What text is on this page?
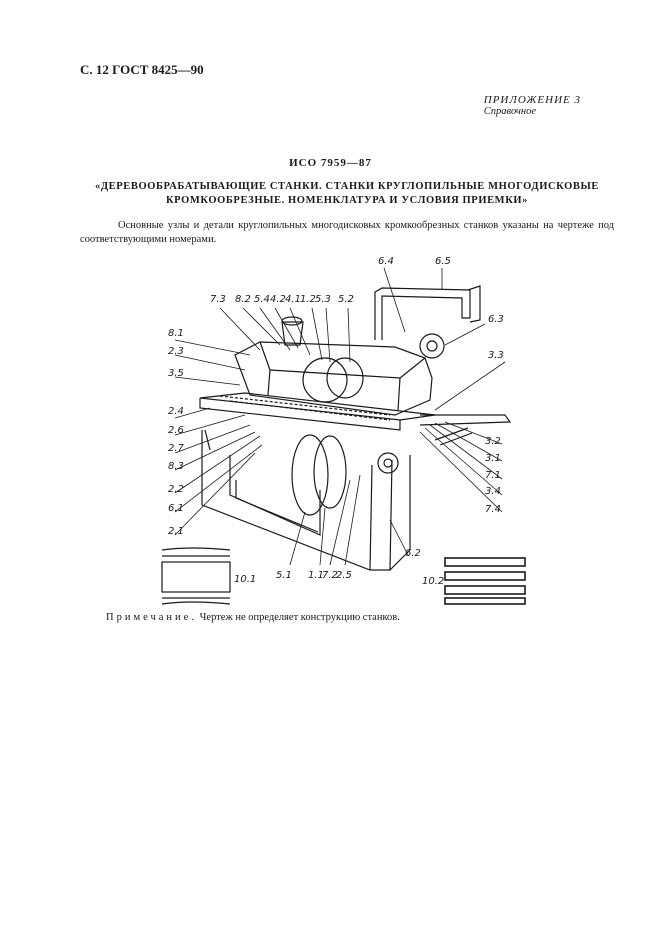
С. 12 ГОСТ 8425—90
ПРИЛОЖЕНИЕ 3
Справочное
ИСО 7959—87
«ДЕРЕВООБРАБАТЫВАЮЩИЕ СТАНКИ. СТАНКИ КРУГЛОПИЛЬНЫЕ МНОГОДИСКОВЫЕ
КРОМКООБРЕЗНЫЕ. НОМЕНКЛАТУРА И УСЛОВИЯ ПРИЕМКИ»
Основные узлы и детали круглопильных многодисковых кромкообрезных станков указаны на чертеже под соответствующими номерами.
7.3 8.2 5.4 4.2 4.1 1.2 5.3 5.2
6.4	6.5
8.1
2.3
3.5
2.4
2.6
2.7
8.3
2.2
6.1
2.1
6.3
3.3
3.2
3.1
7.1
3.4
7.4
5.1 1.1
7.2
2.5
6.2
10.1	10.2
Примечание. Чертеж не определяет конструкцию станков.
